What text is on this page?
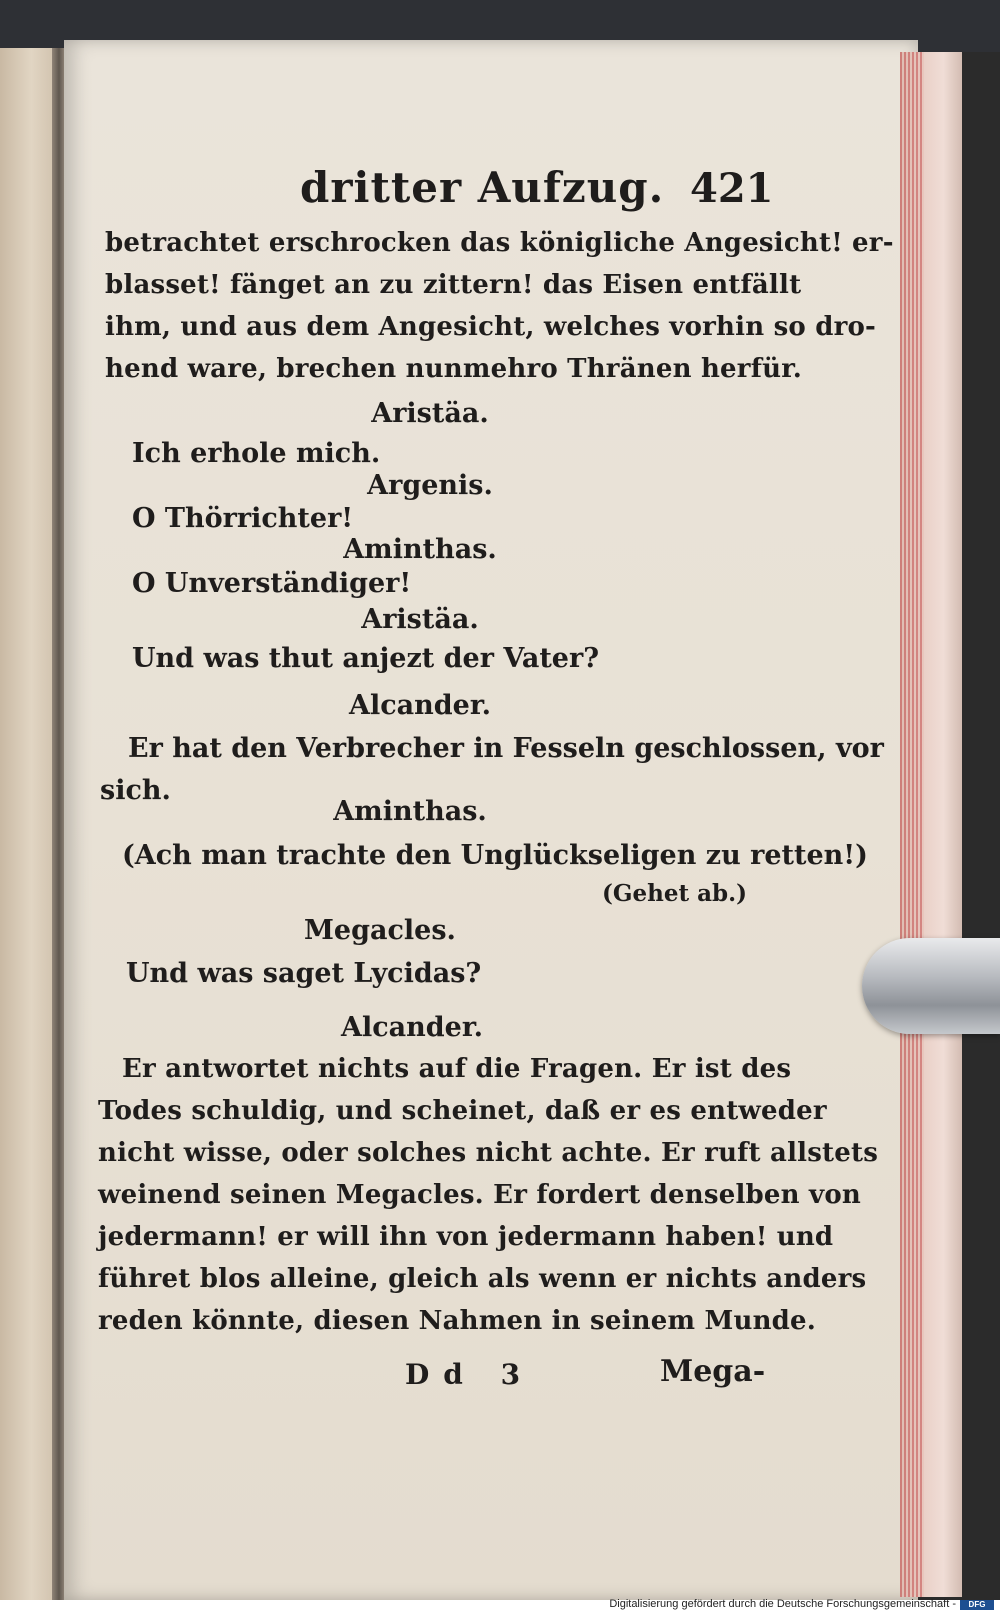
dritter Aufzug. 421
betrachtet erschrocken das königliche Angesicht! er-
blasset! fänget an zu zittern! das Eisen entfällt
ihm, und aus dem Angesicht, welches vorhin so dro-
hend ware, brechen nunmehro Thränen herfür.
Aristäa.
Ich erhole mich.
Argenis.
O Thörrichter!
Aminthas.
O Unverständiger!
Aristäa.
Und was thut anjezt der Vater?
Alcander.
Er hat den Verbrecher in Fesseln geschlossen, vor
sich.
Aminthas.
(Ach man trachte den Unglückseligen zu retten!)
(Gehet ab.)
Megacles.
Und was saget Lycidas?
Alcander.
Er antwortet nichts auf die Fragen. Er ist des
Todes schuldig, und scheinet, daß er es entweder
nicht wisse, oder solches nicht achte. Er ruft allstets
weinend seinen Megacles. Er fordert denselben von
jedermann! er will ihn von jedermann haben! und
führet blos alleine, gleich als wenn er nichts anders
reden könnte, diesen Nahmen in seinem Munde.
Dd 3	Mega-
Digitalisierung gefördert durch die Deutsche Forschungsgemeinschaft -	DFG
